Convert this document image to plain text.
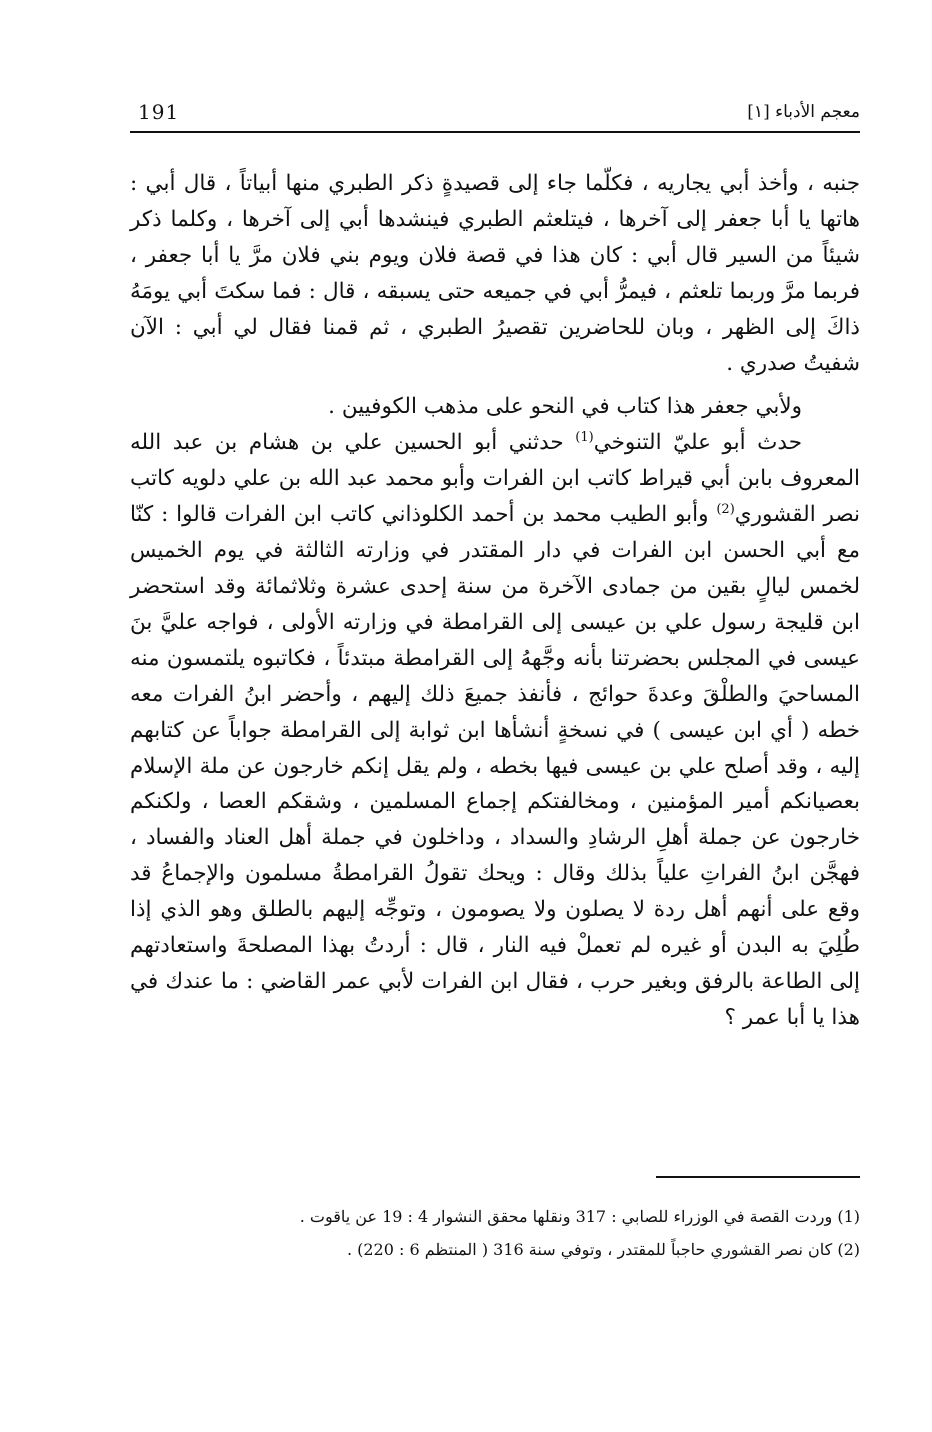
191	معجم الأدباء [١]

جنبه ، وأخذ أبي يجاريه ، فكلّما جاء إلى قصيدةٍ ذكر الطبري منها أبياتاً ، قال أبي : هاتها يا أبا جعفر إلى آخرها ، فيتلعثم الطبري فينشدها أبي إلى آخرها ، وكلما ذكر شيئاً من السير قال أبي : كان هذا في قصة فلان ويوم بني فلان مرَّ يا أبا جعفر ، فربما مرَّ وربما تلعثم ، فيمرُّ أبي في جميعه حتى يسبقه ، قال : فما سكتَ أبي يومَهُ ذاكَ إلى الظهر ، وبان للحاضرين تقصيرُ الطبري ، ثم قمنا فقال لي أبي : الآن شفيتُ صدري .

ولأبي جعفر هذا كتاب في النحو على مذهب الكوفيين .

حدث أبو عليّ التنوخي$^{(1)}$ حدثني أبو الحسين علي بن هشام بن عبد الله المعروف بابن أبي قيراط كاتب ابن الفرات وأبو محمد عبد الله بن علي دلويه كاتب نصر القشوري$^{(2)}$ وأبو الطيب محمد بن أحمد الكلوذاني كاتب ابن الفرات قالوا : كنّا مع أبي الحسن ابن الفرات في دار المقتدر في وزارته الثالثة في يوم الخميس لخمس ليالٍ بقين من جمادى الآخرة من سنة إحدى عشرة وثلاثمائة وقد استحضر ابن قليجة رسول علي بن عيسى إلى القرامطة في وزارته الأولى ، فواجه عليَّ بنَ عيسى في المجلس بحضرتنا بأنه وجَّههُ إلى القرامطة مبتدئاً ، فكاتبوه يلتمسون منه المساحيَ والطلْقَ وعدةَ حوائج ، فأنفذ جميعَ ذلك إليهم ، وأحضر ابنُ الفرات معه خطه ( أي ابن عيسى ) في نسخةٍ أنشأها ابن ثوابة إلى القرامطة جواباً عن كتابهم إليه ، وقد أصلح علي بن عيسى فيها بخطه ، ولم يقل إنكم خارجون عن ملة الإسلام بعصيانكم أمير المؤمنين ، ومخالفتكم إجماع المسلمين ، وشقكم العصا ، ولكنكم خارجون عن جملة أهلِ الرشادِ والسداد ، وداخلون في جملة أهل العناد والفساد ، فهجَّن ابنُ الفراتِ علياً بذلك وقال : ويحك تقولُ القرامطةُ مسلمون والإجماعُ قد وقع على أنهم أهل ردة لا يصلون ولا يصومون ، وتوجِّه إليهم بالطلق وهو الذي إذا طُلِيَ به البدن أو غيره لم تعملْ فيه النار ، قال : أردتُ بهذا المصلحةَ واستعادتهم إلى الطاعة بالرفق وبغير حرب ، فقال ابن الفرات لأبي عمر القاضي : ما عندك في هذا يا أبا عمر ؟

(1) وردت القصة في الوزراء للصابي : 317 ونقلها محقق النشوار 4 : 19 عن ياقوت .

(2) كان نصر القشوري حاجباً للمقتدر ، وتوفي سنة 316 ( المنتظم 6 : 220) .
